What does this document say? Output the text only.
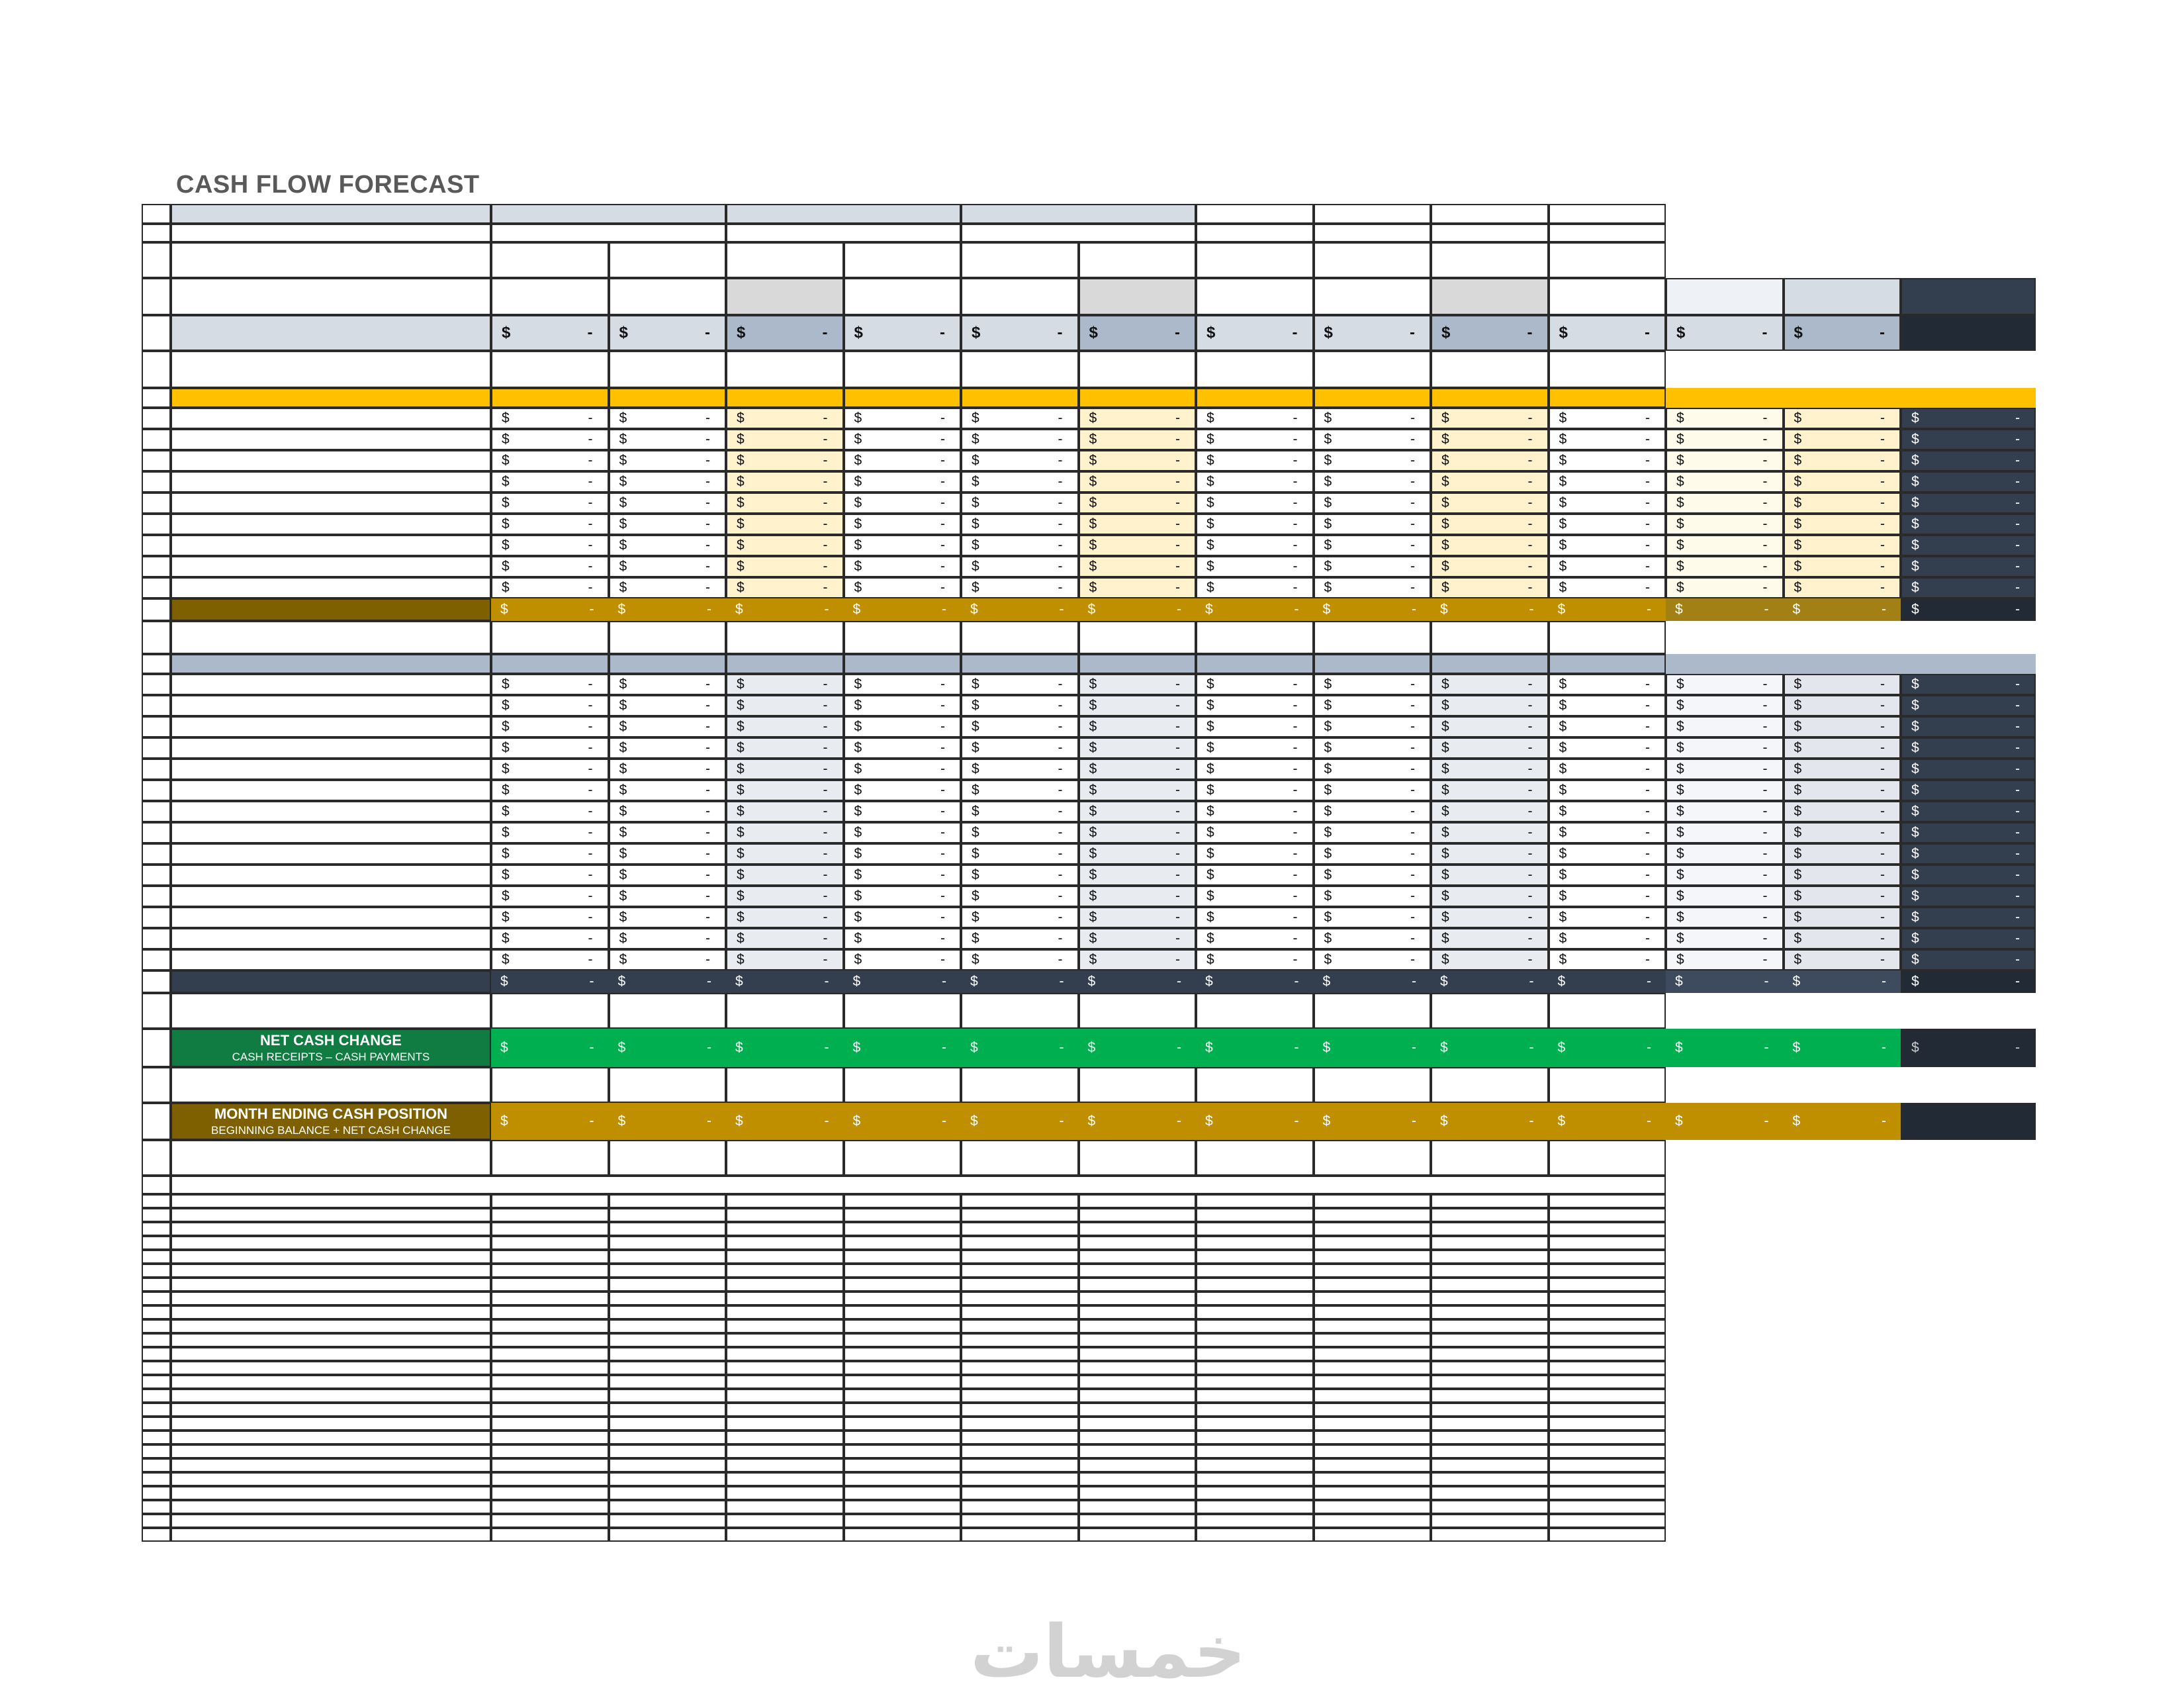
CASH FLOW FORECAST
$	- $	- $	- $	- $	- $	- $	- $	- $	- $	- $	- $	-
$	- $	- $	- $	- $	- $	- $	- $	- $	- $	- $	- $	- $	-
$	- $	- $	- $	- $	- $	- $	- $	- $	- $	- $	- $	- $	-
$	- $	- $	- $	- $	- $	- $	- $	- $	- $	- $	- $	- $	-
$	- $	- $	- $	- $	- $	- $	- $	- $	- $	- $	- $	- $	-
$	- $	- $	- $	- $	- $	- $	- $	- $	- $	- $	- $	- $	-
$	- $	- $	- $	- $	- $	- $	- $	- $	- $	- $	- $	- $	-
$	- $	- $	- $	- $	- $	- $	- $	- $	- $	- $	- $	- $	-
$	- $	- $	- $	- $	- $	- $	- $	- $	- $	- $	- $	- $	-
$	- $	- $	- $	- $	- $	- $	- $	- $	- $	- $	- $	- $	-
$	- $	- $	- $	- $	- $	- $	- $	- $	- $	- $	- $	- $	-
$	- $	- $	- $	- $	- $	- $	- $	- $	- $	- $	- $	- $	-
$	- $	- $	- $	- $	- $	- $	- $	- $	- $	- $	- $	- $	-
$	- $	- $	- $	- $	- $	- $	- $	- $	- $	- $	- $	- $	-
$	- $	- $	- $	- $	- $	- $	- $	- $	- $	- $	- $	- $	-
$	- $	- $	- $	- $	- $	- $	- $	- $	- $	- $	- $	- $	-
$	- $	- $	- $	- $	- $	- $	- $	- $	- $	- $	- $	- $	-
$	- $	- $	- $	- $	- $	- $	- $	- $	- $	- $	- $	- $	-
$	- $	- $	- $	- $	- $	- $	- $	- $	- $	- $	- $	- $	-
$	- $	- $	- $	- $	- $	- $	- $	- $	- $	- $	- $	- $	-
$	- $	- $	- $	- $	- $	- $	- $	- $	- $	- $	- $	- $	-
$	- $	- $	- $	- $	- $	- $	- $	- $	- $	- $	- $	- $	-
$	- $	- $	- $	- $	- $	- $	- $	- $	- $	- $	- $	- $	-
$	- $	- $	- $	- $	- $	- $	- $	- $	- $	- $	- $	- $	-
$	- $	- $	- $	- $	- $	- $	- $	- $	- $	- $	- $	- $	-
$	- $	- $	- $	- $	- $	- $	- $	- $	- $	- $	- $	- $	-
NET CASH CHANGE
CASH RECEIPTS – CASH PAYMENTS
$	- $	- $	- $	- $	- $	- $	- $	- $	- $	- $	- $	- $	-
MONTH ENDING CASH POSITION
BEGINNING BALANCE + NET CASH CHANGE
$	- $	- $	- $	- $	- $	- $	- $	- $	- $	- $	- $	-
خمسات
